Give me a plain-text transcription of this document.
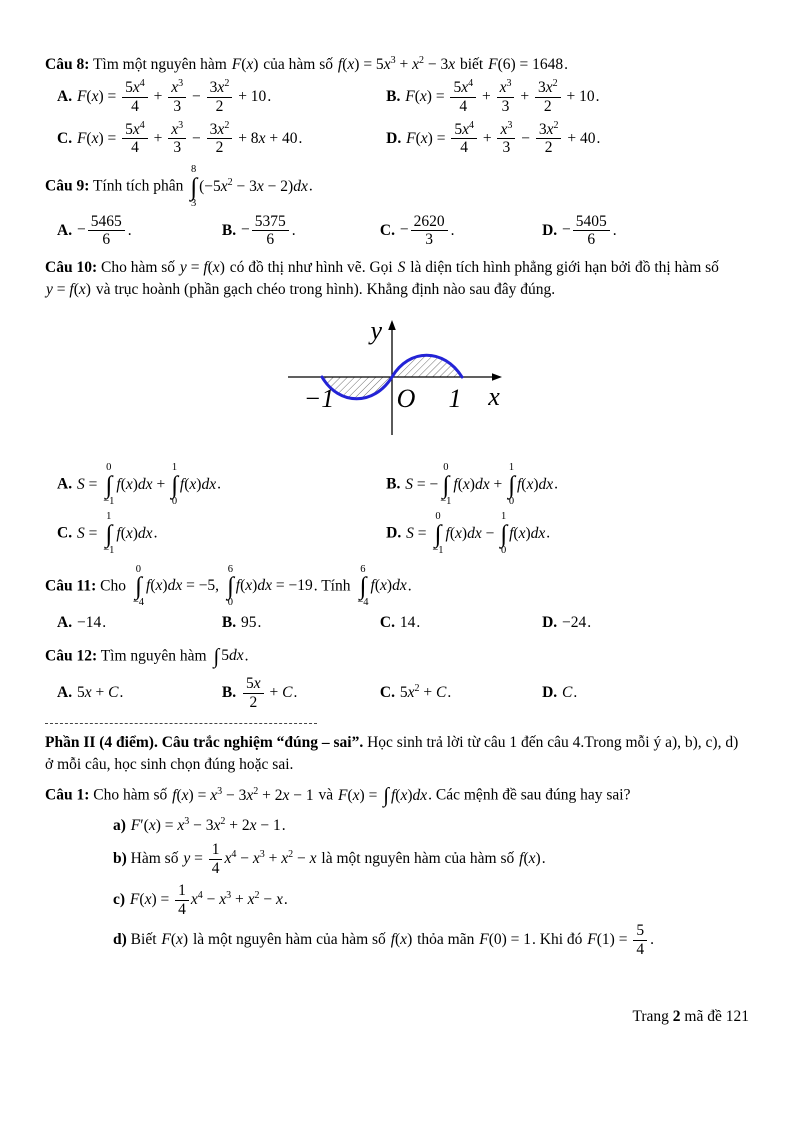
Câu 8: Tìm một nguyên hàm F(x) của hàm số $f(x) = 5x^3 + x^2 - 3x$ biết F(6) = 1648.

A. $F(x) = \frac{5x^4}{4} + \frac{x^3}{3} - \frac{3x^2}{2} + 10$.	B. $F(x) = \frac{5x^4}{4} + \frac{x^3}{3} + \frac{3x^2}{2} + 10$.
C. $F(x) = \frac{5x^4}{4} + \frac{x^3}{3} - \frac{3x^2}{2} + 8x + 40$.	D. $F(x) = \frac{5x^4}{4} + \frac{x^3}{3} - \frac{3x^2}{2} + 40$.

Câu 9: Tính tích phân
8
∫
3
$(-5x^2 - 3x - 2)dx$.

A. − $\frac{5465}{6}$ .	B. − $\frac{5375}{6}$ .	C. − $\frac{2620}{3}$ .	D. − $\frac{5405}{6}$ .

Câu 10: Cho hàm số y = f(x) có đồ thị như hình vẽ. Gọi S là diện tích hình phẳng giới hạn bởi đồ thị hàm số y = f(x) và trục hoành (phần gạch chéo trong hình). Khẳng định nào sau đây đúng.

y
x
O
−1	1
A. S =
0
∫
−1
f(x)dx +
1
∫
0
f(x)dx.	B. S = −
0
∫
−1
f(x)dx +
1
∫
0
f(x)dx.
C. S =
1
∫
−1
f(x)dx.	D. S =
0
∫
−1
f(x)dx −
1
∫
0
f(x)dx.

Câu 11: Cho
0
∫
−4
f(x)dx = −5,
6
∫
0
f(x)dx = −19. Tính
6
∫
−4
f(x)dx.

A. −14.	B. 95.	C. 14.	D. −24.

Câu 12: Tìm nguyên hàm ∫ 5dx.

A. 5x + C.	B. $\frac{5x}{2} + C$.	C. $5x^2 + C$.	D. C.

Phần II (4 điểm). Câu trắc nghiệm “đúng – sai”. Học sinh trả lời từ câu 1 đến câu 4.Trong mỗi ý a), b), c), d) ở mỗi câu, học sinh chọn đúng hoặc sai.

Câu 1: Cho hàm số $f(x) = x^3 - 3x^2 + 2x - 1$ và F(x) = ∫ f(x)dx. Các mệnh đề sau đúng hay sai?

a) $F'(x) = x^3 - 3x^2 + 2x - 1$.
b) Hàm số $y = \frac{1}{4} x^4 - x^3 + x^2 - x$ là một nguyên hàm của hàm số f(x).
c) $F(x) = \frac{1}{4} x^4 - x^3 + x^2 - x$.
d) Biết F(x) là một nguyên hàm của hàm số f(x) thỏa mãn F(0) = 1. Khi đó $F(1) = \frac{5}{4}$ .
Trang 2 mã đề 121
